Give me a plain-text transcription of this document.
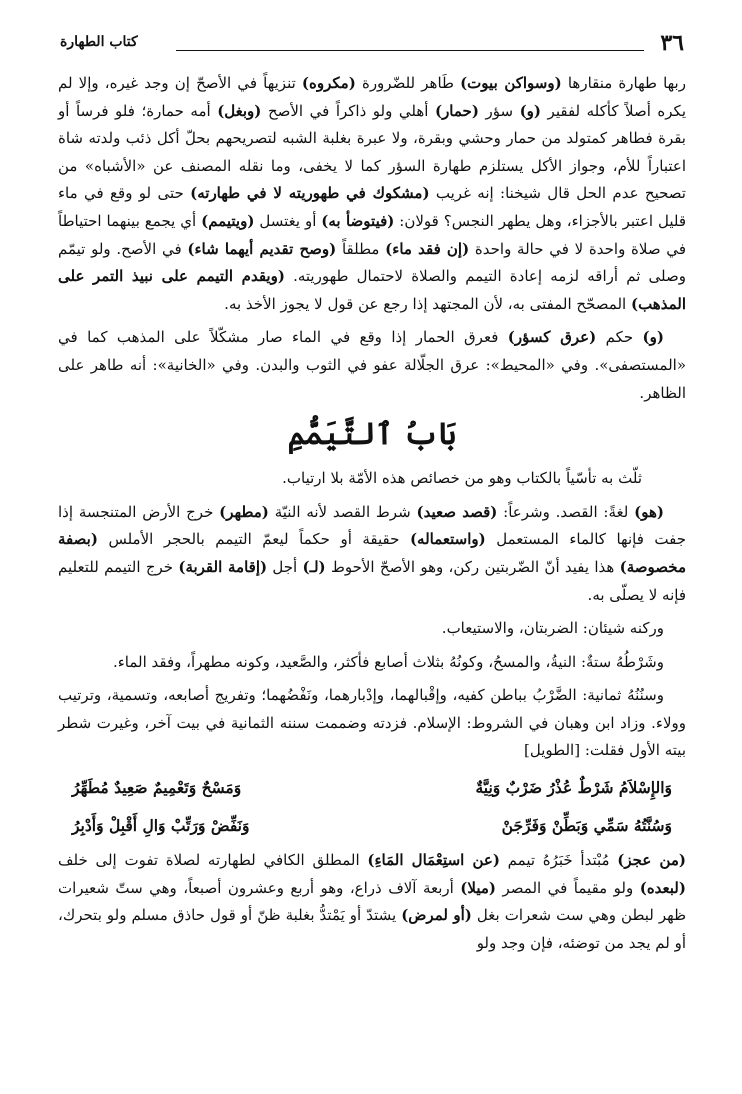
٣٦
كتاب الطهارة

ربها طهارة منقارها (وسواكن بيوت) طَاهر للضّرورة (مكروه) تنزيهاً في الأصحّ إن وجد غيره، وإلا لم يكره أصلاً كأكله لفقير (و) سؤر (حمار) أهلي ولو ذاكراً في الأصح (وبغل) أمه حمارة؛ فلو فرساً أو بقرة فطاهر كمتولد من حمار وحشي وبقرة، ولا عبرة بغلبة الشبه لتصريحهم بحلّ أكل ذئب ولدته شاة اعتباراً للأم، وجواز الأكل يستلزم طهارة السؤر كما لا يخفى، وما نقله المصنف عن «الأشباه» من تصحيح عدم الحل قال شيخنا: إنه غريب (مشكوك في طهوريته لا في طهارته) حتى لو وقع في ماء قليل اعتبر بالأجزاء، وهل يطهر النجس؟ قولان: (فيتوضأ به) أو يغتسل (ويتيمم) أي يجمع بينهما احتياطاً في صلاة واحدة لا في حالة واحدة (إن فقد ماء) مطلقاً (وصح تقديم أيهما شاء) في الأصح. ولو تيمّم وصلى ثم أراقه لزمه إعادة التيمم والصلاة لاحتمال طهوريته. (ويقدم التيمم على نبيذ التمر على المذهب) المصحّح المفتى به، لأن المجتهد إذا رجع عن قول لا يجوز الأخذ به.

(و) حكم (عرق كسؤر) فعرق الحمار إذا وقع في الماء صار مشكّلاً على المذهب كما في «المستصفى». وفي «المحيط»: عرق الجلّالة عفو في الثوب والبدن. وفي «الخانية»: أنه طاهر على الظاهر.

بَابُ ٱلتَّيَمُّمِ

ثلّث به تأسّياً بالكتاب وهو من خصائص هذه الأمّة بلا ارتياب.

(هو) لغةً: القصد. وشرعاً: (قصد صعيد) شرط القصد لأنه النيّة (مطهر) خرج الأرض المتنجسة إذا جفت فإنها كالماء المستعمل (واستعماله) حقيقة أو حكماً ليعمّ التيمم بالحجر الأملس (بصفة مخصوصة) هذا يفيد أنّ الضّربتين ركن، وهو الأصحّ الأحوط (لـ) أجل (إقامة القربة) خرج التيمم للتعليم فإنه لا يصلّى به.

وركنه شيئان: الضربتان، والاستيعاب.

وشَرْطُهُ ستةٌ: النيةُ، والمسحُ، وكونُهُ بثلاث أصابع فأكثر، والصَّعيد، وكونه مطهراً، وفقد الماء.

وسنُنُهُ ثمانية: الضَّرْبُ بباطن كفيه، وإقْبالهما، وإدْبارهما، ونَفْضُهما؛ وتفريج أصابعه، وتسمية، وترتيب وولاء. وزاد ابن وهبان في الشروط: الإسلام. فزدته وضممت سننه الثمانية في بيت آخر، وغيرت شطر بيته الأول فقلت: [الطويل]

وَالإِسْلاَمُ شَرْطٌ عُذْرُ ضَرْبٌ وَنِيَّةٌ
وَمَسْحٌ وَتَعْمِيمٌ صَعِيدٌ مُطَهِّرُ
وَسُنَّتُهُ سَمِّي وَبَطِّنْ وَفَرِّجَنْ
وَنَفِّضْ وَرَتِّبْ وَالِ أَقْبِلْ وَأَدْبِرُ

(من عجز) مُبْتدأ خَبَرُهُ تيمم (عن استِعْمَال المَاءِ) المطلق الكافي لطهارته لصلاة تفوت إلى خلف (لبعده) ولو مقيماً في المصر (ميلا) أربعة آلاف ذراع، وهو أربع وعشرون أصبعاً، وهي ستّ شعيرات ظهر لبطن وهي ست شعرات بغل (أو لمرض) يشتدّ أو يَمْتدُّ بغلبة ظنّ أو قول حاذق مسلم ولو بتحرك، أو لم يجد من توضئه، فإن وجد ولو
